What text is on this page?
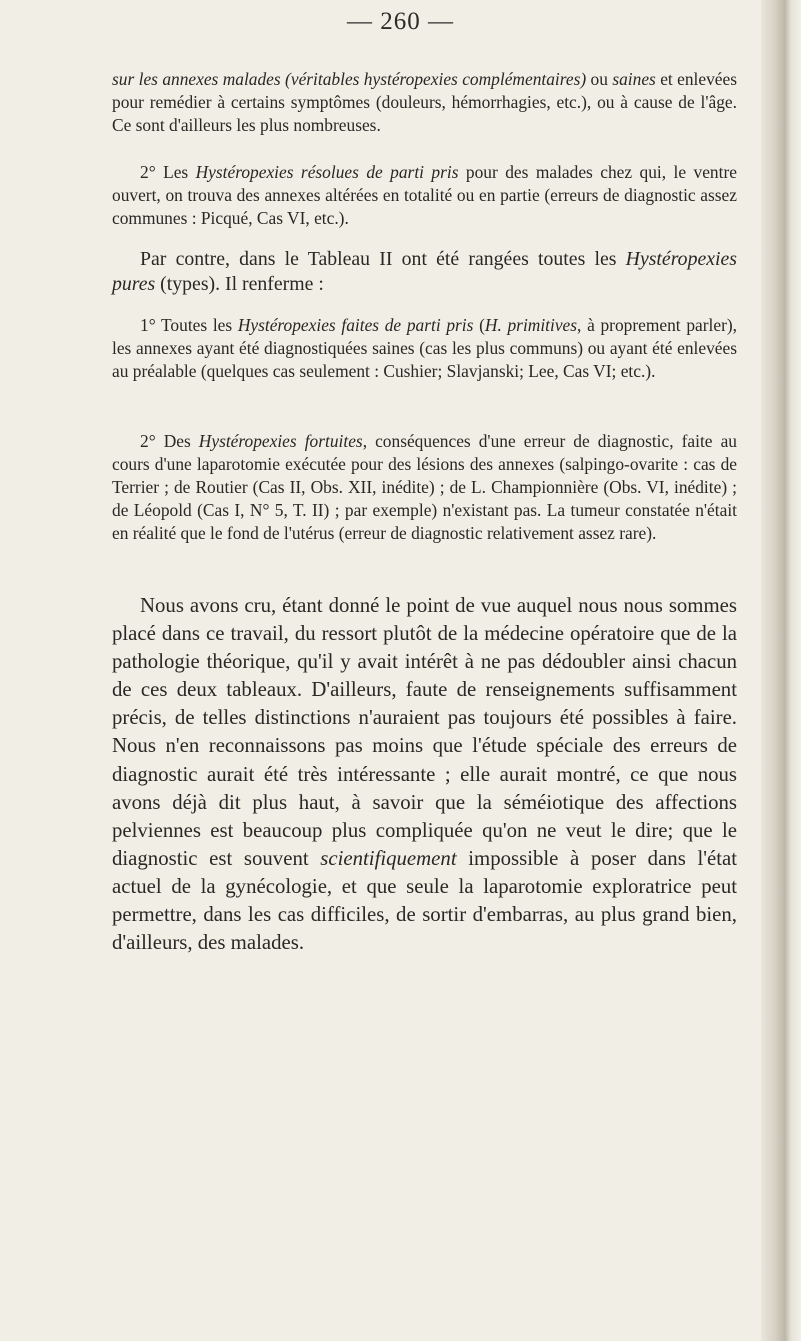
— 260 —

sur les annexes malades (véritables hystéropexies complémentaires) ou saines et enlevées pour remédier à certains symptômes (douleurs, hémorrhagies, etc.), ou à cause de l'âge. Ce sont d'ailleurs les plus nombreuses.

2° Les Hystéropexies résolues de parti pris pour des malades chez qui, le ventre ouvert, on trouva des annexes altérées en totalité ou en partie (erreurs de diagnostic assez communes : Picqué, Cas VI, etc.).

Par contre, dans le Tableau II ont été rangées toutes les Hystéropexies pures (types). Il renferme :

1° Toutes les Hystéropexies faites de parti pris (H. primitives, à proprement parler), les annexes ayant été diagnostiquées saines (cas les plus communs) ou ayant été enlevées au préalable (quelques cas seulement : Cushier; Slavjanski; Lee, Cas VI; etc.).

2° Des Hystéropexies fortuites, conséquences d'une erreur de diagnostic, faite au cours d'une laparotomie exécutée pour des lésions des annexes (salpingo-ovarite : cas de Terrier ; de Routier (Cas II, Obs. XII, inédite) ; de L. Championnière (Obs. VI, inédite) ; de Léopold (Cas I, N° 5, T. II) ; par exemple) n'existant pas. La tumeur constatée n'était en réalité que le fond de l'utérus (erreur de diagnostic relativement assez rare).

Nous avons cru, étant donné le point de vue auquel nous nous sommes placé dans ce travail, du ressort plutôt de la médecine opératoire que de la pathologie théorique, qu'il y avait intérêt à ne pas dédoubler ainsi chacun de ces deux tableaux. D'ailleurs, faute de renseignements suffisamment précis, de telles distinctions n'auraient pas toujours été possibles à faire. Nous n'en reconnaissons pas moins que l'étude spéciale des erreurs de diagnostic aurait été très intéressante ; elle aurait montré, ce que nous avons déjà dit plus haut, à savoir que la séméiotique des affections pelviennes est beaucoup plus compliquée qu'on ne veut le dire; que le diagnostic est souvent scientifiquement impossible à poser dans l'état actuel de la gynécologie, et que seule la laparotomie exploratrice peut permettre, dans les cas difficiles, de sortir d'embarras, au plus grand bien, d'ailleurs, des malades.
